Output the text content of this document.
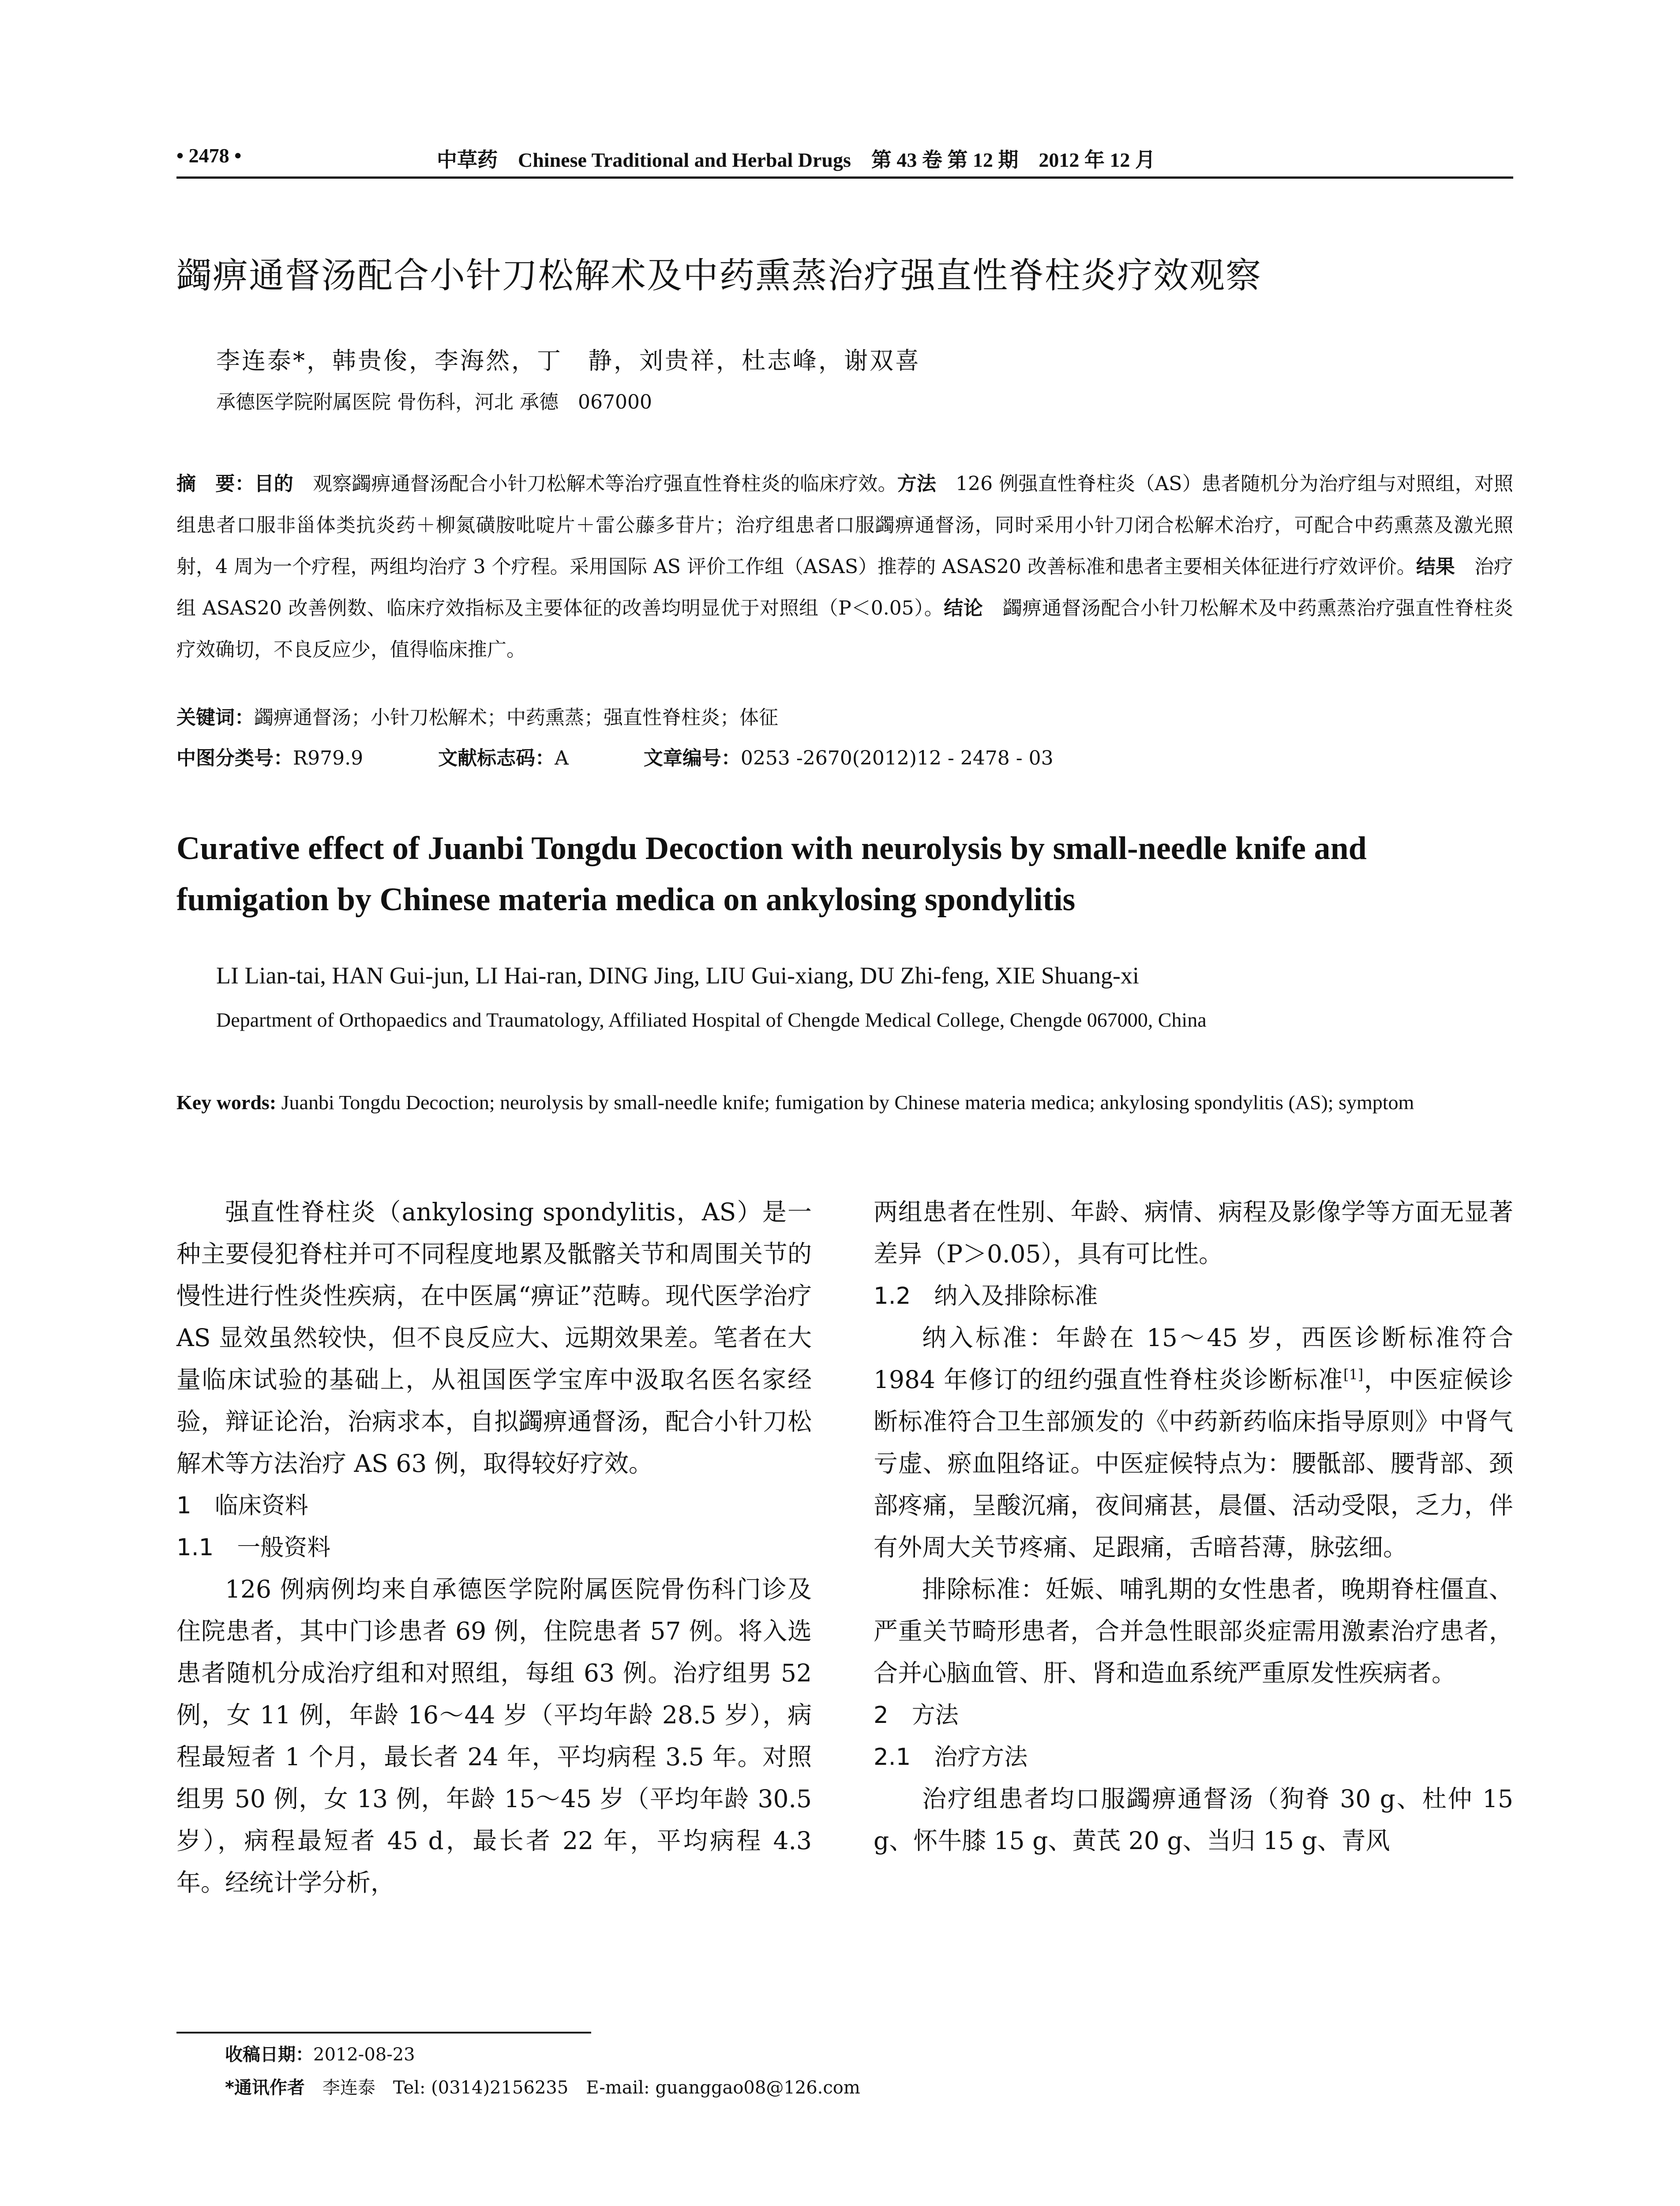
• 2478 •	中草药　Chinese Traditional and Herbal Drugs　第 43 卷 第 12 期　2012 年 12 月
蠲痹通督汤配合小针刀松解术及中药熏蒸治疗强直性脊柱炎疗效观察
李连泰*，韩贵俊，李海然，丁　静，刘贵祥，杜志峰，谢双喜
承德医学院附属医院 骨伤科，河北 承德　067000
摘　要：目的　观察蠲痹通督汤配合小针刀松解术等治疗强直性脊柱炎的临床疗效。方法　126 例强直性脊柱炎（AS）患者随机分为治疗组与对照组，对照组患者口服非甾体类抗炎药＋柳氮磺胺吡啶片＋雷公藤多苷片；治疗组患者口服蠲痹通督汤，同时采用小针刀闭合松解术治疗，可配合中药熏蒸及激光照射，4 周为一个疗程，两组均治疗 3 个疗程。采用国际 AS 评价工作组（ASAS）推荐的 ASAS20 改善标准和患者主要相关体征进行疗效评价。结果　治疗组 ASAS20 改善例数、临床疗效指标及主要体征的改善均明显优于对照组（P＜0.05）。结论　蠲痹通督汤配合小针刀松解术及中药熏蒸治疗强直性脊柱炎疗效确切，不良反应少，值得临床推广。
关键词：蠲痹通督汤；小针刀松解术；中药熏蒸；强直性脊柱炎；体征
中图分类号：R979.9	文献标志码：A	文章编号：0253 -2670(2012)12 - 2478 - 03
Curative effect of Juanbi Tongdu Decoction with neurolysis by small-needle knife and fumigation by Chinese materia medica on ankylosing spondylitis
LI Lian-tai, HAN Gui-jun, LI Hai-ran, DING Jing, LIU Gui-xiang, DU Zhi-feng, XIE Shuang-xi
Department of Orthopaedics and Traumatology, Affiliated Hospital of Chengde Medical College, Chengde 067000, China
Key words: Juanbi Tongdu Decoction; neurolysis by small-needle knife; fumigation by Chinese materia medica; ankylosing spondylitis (AS); symptom

强直性脊柱炎（ankylosing spondylitis，AS）是一种主要侵犯脊柱并可不同程度地累及骶髂关节和周围关节的慢性进行性炎性疾病，在中医属“痹证”范畴。现代医学治疗 AS 显效虽然较快，但不良反应大、远期效果差。笔者在大量临床试验的基础上，从祖国医学宝库中汲取名医名家经验，辩证论治，治病求本，自拟蠲痹通督汤，配合小针刀松解术等方法治疗 AS 63 例，取得较好疗效。

1　临床资料
1.1　一般资料

126 例病例均来自承德医学院附属医院骨伤科门诊及住院患者，其中门诊患者 69 例，住院患者 57 例。将入选患者随机分成治疗组和对照组，每组 63 例。治疗组男 52 例，女 11 例，年龄 16～44 岁（平均年龄 28.5 岁），病程最短者 1 个月，最长者 24 年，平均病程 3.5 年。对照组男 50 例，女 13 例，年龄 15～45 岁（平均年龄 30.5 岁），病程最短者 45 d，最长者 22 年，平均病程 4.3 年。经统计学分析，

两组患者在性别、年龄、病情、病程及影像学等方面无显著差异（P＞0.05），具有可比性。

1.2　纳入及排除标准

纳入标准：年龄在 15～45 岁，西医诊断标准符合 1984 年修订的纽约强直性脊柱炎诊断标准[1]，中医症候诊断标准符合卫生部颁发的《中药新药临床指导原则》中肾气亏虚、瘀血阻络证。中医症候特点为：腰骶部、腰背部、颈部疼痛，呈酸沉痛，夜间痛甚，晨僵、活动受限，乏力，伴有外周大关节疼痛、足跟痛，舌暗苔薄，脉弦细。

排除标准：妊娠、哺乳期的女性患者，晚期脊柱僵直、严重关节畸形患者，合并急性眼部炎症需用激素治疗患者，合并心脑血管、肝、肾和造血系统严重原发性疾病者。

2　方法
2.1　治疗方法

治疗组患者均口服蠲痹通督汤（狗脊 30 g、杜仲 15 g、怀牛膝 15 g、黄芪 20 g、当归 15 g、青风

收稿日期：2012-08-23
*通讯作者　李连泰　Tel: (0314)2156235　E-mail: guanggao08@126.com
